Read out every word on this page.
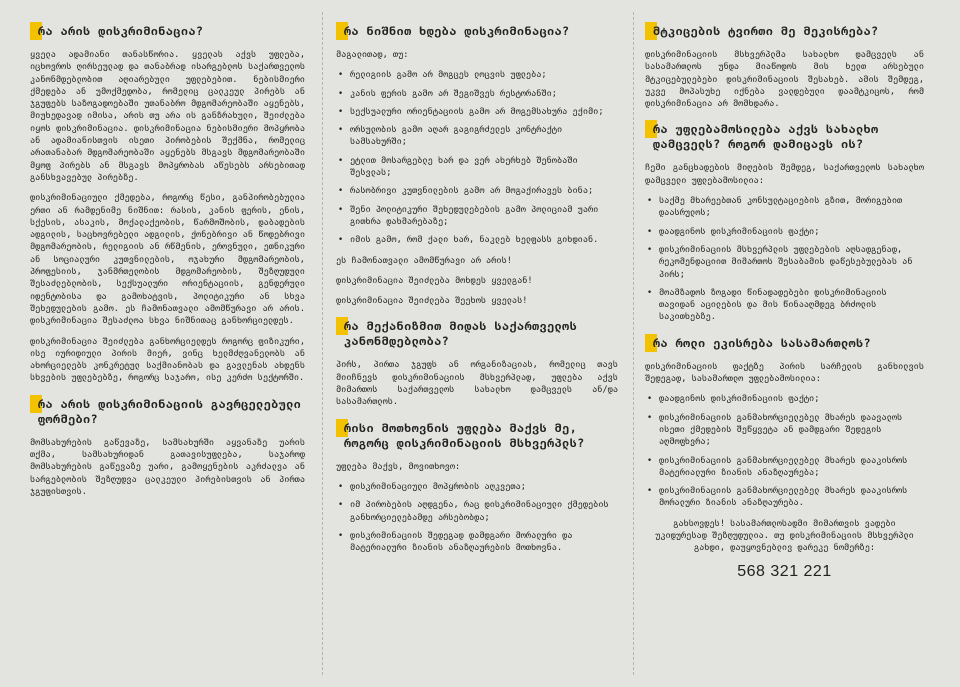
რა არის დისკრიმინაცია?

ყველა ადამიანი თანასწორია. ყველას აქვს უფლება, იცხოვროს ღირსეულად და თანაბრად ისარგებლოს საქართველოს კანონმდებლობით აღიარებული უფლებებით. ნებისმიერი ქმედება ან უმოქმედობა, რომელიც ცალკეულ პირებს ან ჯგუფებს საზოგადოებაში უთანაბრო მდგომარეობაში აყენებს, მიუხედავად იმისა, არის თუ არა ის განზრახული, შეიძლება იყოს დისკრიმინაცია. დისკრიმინაცია ნებისმიერი მოპყრობა ან ადამიანისთვის ისეთი პირობების შექმნა, რომელიც არათანაბარ მდგომარეობაში აყენებს მსგავს მდგომარეობაში მყოფ პირებს ან მსგავს მოპყრობას აწესებს არსებითად განსხვავებულ პირებზე.

დისკრიმინაციული ქმედება, როგორც წესი, განპირობებულია ერთი ან რამდენიმე ნიშნით: რასის, კანის ფერის, ენის, სქესის, ასაკის, მოქალაქეობის, წარმოშობის, დაბადების ადგილის, საცხოვრებელი ადგილის, ქონებრივი ან წოდებრივი მდგომარეობის, რელიგიის ან რწმენის, ეროვნული, ეთნიკური ან სოციალური კუთვნილების, ოჯახური მდგომარეობის, პროფესიის, ჯანმრთელობის მდგომარეობის, შეზღუდული შესაძლებლობის, სექსუალური ორიენტაციის, გენდერული იდენტობისა და გამოხატვის, პოლიტიკური ან სხვა შეხედულების გამო. ეს ჩამონათვალი ამომწურავი არ არის. დისკრიმინაცია შესაძლოა სხვა ნიშნითაც განხორციელდეს.

დისკრიმინაცია შეიძლება განხორციელდეს როგორც ფიზიკური, ისე იურიდიული პირის მიერ, ვინც ხელმძღვანელობს ან ახორციელებს კონკრეტულ საქმიანობას და გავლენას ახდენს სხვების უფლებებზე, როგორც საჯარო, ისე კერძო სექტორში.

რა არის დისკრიმინაციის გავრცელებული ფორმები?

მომსახურების გაწევაზე, სამსახურში აყვანაზე უარის თქმა, სამსახურიდან გათავისუფლება, საჯაროდ მომსახურების გაწევაზე უარი, გამოყენების აკრძალვა ან სარგებლობის შეზღუდვა ცალკეული პირებისთვის ან პირთა ჯგუფისთვის.

რა ნიშნით ხდება დისკრიმინაცია?

მაგალითად, თუ:

• რელიგიის გამო არ მოგცეს ლოცვის უფლება;
• კანის ფერის გამო არ შეგიშვეს რესტორანში;
• სექსუალური ორიენტაციის გამო არ მოგემსახურა ექიმი;
• ორსულობის გამო აღარ გაგიგრძელეს კონტრაქტი სამსახურში;
• ეტლით მოსარგებლე ხარ და ვერ ახერხებ შენობაში შესვლას;
• რასობრივი კუთვნილების გამო არ მოგაქირავეს ბინა;
• შენი პოლიტიკური შეხედულებების გამო პოლიციამ უარი გითხრა დახმარებაზე;
• იმის გამო, რომ ქალი ხარ, ნაკლებ ხელფასს გიხდიან.

ეს ჩამონათვალი ამომწურავი არ არის!

დისკრიმინაცია შეიძლება მოხდეს ყველგან!

დისკრიმინაცია შეიძლება შეეხოს ყველას!

რა მექანიზმით მიდას საქართველოს კანონმდებლობა?

პირს, პირთა ჯგუფს ან ორგანიზაციას, რომელიც თავს მიიჩნევს დისკრიმინაციის მსხვერპლად, უფლება აქვს მიმართოს საქართველოს სახალხო დამცველს ან/და სასამართლოს.

რისი მოთხოვნის უფლება მაქვს მე, როგორც დისკრიმინაციის მსხვერპლს?

უფლება მაქვს, მოვითხოვო:

• დისკრიმინაციული მოპყრობის აღკვეთა;
• იმ პირობების აღდგენა, რაც დისკრიმინაციული ქმედების განხორციელებამდე არსებობდა;
• დისკრიმინაციის შედეგად დამდგარი მორალური და მატერიალური ზიანის ანაზღაურების მოთხოვნა.
მტკიცების ტვირთი მე მეკისრება?

დისკრიმინაციის მსხვერპლმა სახალხო დამცველს ან სასამართლოს უნდა მიაწოდოს მის ხელთ არსებული მტკიცებულებები დისკრიმინაციის შესახებ. ამის შემდეგ, უკვე მოპასუხე იქნება ვალდებული დაამტკიცოს, რომ დისკრიმინაცია არ მომხდარა.

რა უფლებამოსილება აქვს სახალხო დამცველს? როგორ დამიცავს ის?

ჩემი განცხადების მიღების შემდეგ, საქართველოს სახალხო დამცველი უფლებამოსილია:

• საქმე მხარეებთან კონსულტაციების გზით, მორიგებით დაასრულოს;
• დაადგინოს დისკრიმინაციის ფაქტი;
• დისკრიმინაციის მსხვერპლის უფლებების აღსადგენად, რეკომენდაციით მიმართოს შესაბამის დაწესებულებას ან პირს;
• მოამზადოს ზოგადი წინადადებები დისკრიმინაციის თავიდან აცილების და მის წინააღმდეგ ბრძოლის საკითხებზე.
რა როლი ეკისრება სასამართლოს?

დისკრიმინაციის ფაქტზე პირის სარჩელის განხილვის შედეგად, სასამართლო უფლებამოსილია:

• დაადგინოს დისკრიმინაციის ფაქტი;
• დისკრიმინაციის განმახორციელებელ მხარეს დაავალოს ისეთი ქმედების შეწყვეტა ან დამდგარი შედეგის აღმოფხვრა;
• დისკრიმინაციის განმახორციელებელ მხარეს დააკისროს მატერიალური ზიანის ანაზღაურება;
• დისკრიმინაციის განმახორციელებელ მხარეს დააკისროს მორალური ზიანის ანაზღაურება.

გახსოვდეს! სასამართლოსადმი მიმართვის ვადები უკიდურესად შეზღუდულია. თუ დისკრიმინაციის მსხვერპლი გახდი, დაუყოვნებლივ დარეკე ნომერზე:

568 321 221
